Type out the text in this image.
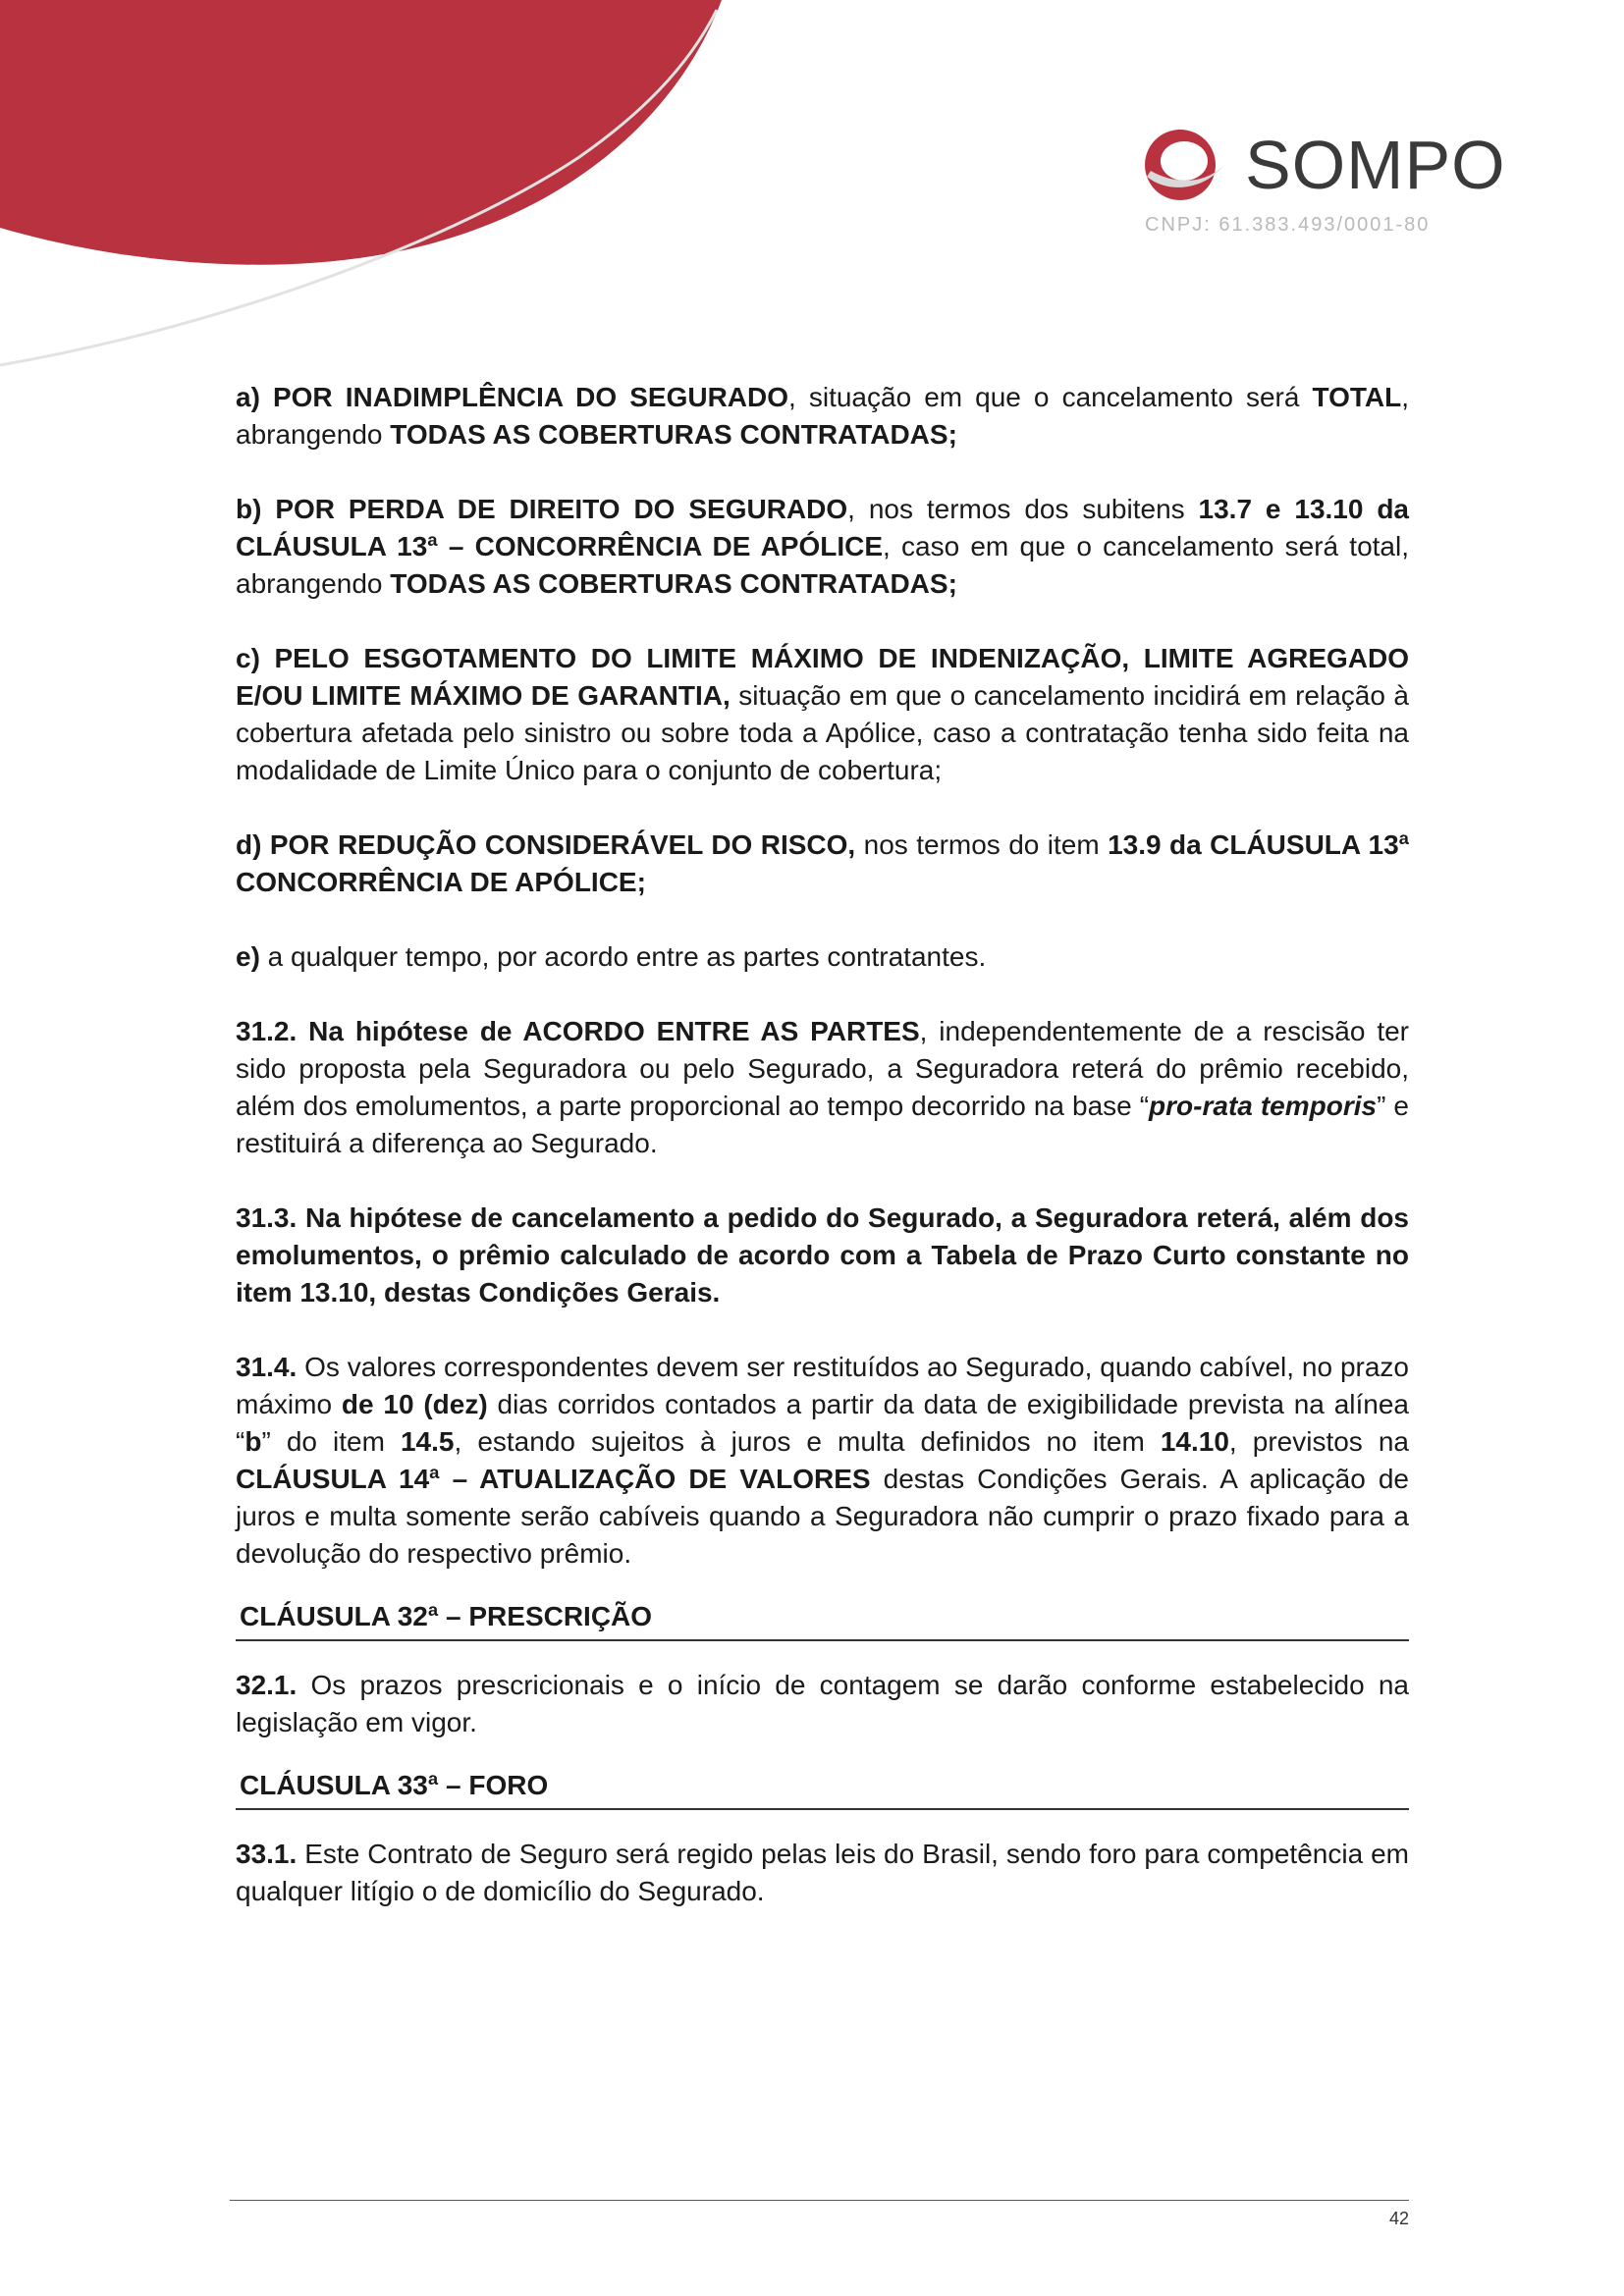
SOMPO
CNPJ: 61.383.493/0001-80

a) POR INADIMPLÊNCIA DO SEGURADO, situação em que o cancelamento será TOTAL, abrangendo TODAS AS COBERTURAS CONTRATADAS;

b) POR PERDA DE DIREITO DO SEGURADO, nos termos dos subitens 13.7 e 13.10 da CLÁUSULA 13ª – CONCORRÊNCIA DE APÓLICE, caso em que o cancelamento será total, abrangendo TODAS AS COBERTURAS CONTRATADAS;

c) PELO ESGOTAMENTO DO LIMITE MÁXIMO DE INDENIZAÇÃO, LIMITE AGREGADO E/OU LIMITE MÁXIMO DE GARANTIA, situação em que o cancelamento incidirá em relação à cobertura afetada pelo sinistro ou sobre toda a Apólice, caso a contratação tenha sido feita na modalidade de Limite Único para o conjunto de cobertura;

d) POR REDUÇÃO CONSIDERÁVEL DO RISCO, nos termos do item 13.9 da CLÁUSULA 13ª CONCORRÊNCIA DE APÓLICE;

e) a qualquer tempo, por acordo entre as partes contratantes.

31.2. Na hipótese de ACORDO ENTRE AS PARTES, independentemente de a rescisão ter sido proposta pela Seguradora ou pelo Segurado, a Seguradora reterá do prêmio recebido, além dos emolumentos, a parte proporcional ao tempo decorrido na base “pro-rata temporis” e restituirá a diferença ao Segurado.

31.3. Na hipótese de cancelamento a pedido do Segurado, a Seguradora reterá, além dos emolumentos, o prêmio calculado de acordo com a Tabela de Prazo Curto constante no item 13.10, destas Condições Gerais.

31.4. Os valores correspondentes devem ser restituídos ao Segurado, quando cabível, no prazo máximo de 10 (dez) dias corridos contados a partir da data de exigibilidade prevista na alínea “b” do item 14.5, estando sujeitos à juros e multa definidos no item 14.10, previstos na CLÁUSULA 14ª – ATUALIZAÇÃO DE VALORES destas Condições Gerais. A aplicação de juros e multa somente serão cabíveis quando a Seguradora não cumprir o prazo fixado para a devolução do respectivo prêmio.

CLÁUSULA 32ª – PRESCRIÇÃO

32.1. Os prazos prescricionais e o início de contagem se darão conforme estabelecido na legislação em vigor.

CLÁUSULA 33ª – FORO

33.1. Este Contrato de Seguro será regido pelas leis do Brasil, sendo foro para competência em qualquer litígio o de domicílio do Segurado.

42
